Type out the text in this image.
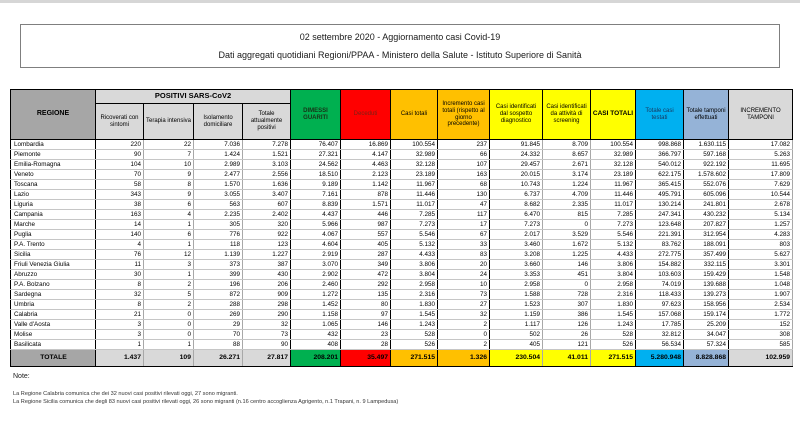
02 settembre 2020 - Aggiornamento casi Covid-19
Dati aggregati quotidiani Regioni/PPAA - Ministero della Salute - Istituto Superiore di Sanità
REGIONE	POSITIVI SARS-CoV2				DIMESSI GUARITI	Deceduti	Casi totali	Incremento casi totali (rispetto al giorno precedente)	Casi identificati dal sospetto diagnostico	Casi identificati da attività di screening	CASI TOTALI	Totale casi testati	Totale tamponi effettuati	INCREMENTO TAMPONI
	Ricoverati con sintomi	Terapia intensiva	Isolamento domiciliare	Totale attualmente positivi										
Lombardia	220	22	7.036	7.278	76.407	16.869	100.554	237	91.845	8.709	100.554	998.868	1.630.115	17.082
Piemonte	90	7	1.424	1.521	27.321	4.147	32.989	66	24.332	8.657	32.989	366.797	597.168	5.263
Emilia-Romagna	104	10	2.989	3.103	24.562	4.463	32.128	107	29.457	2.671	32.128	540.012	922.192	11.695
Veneto	70	9	2.477	2.556	18.510	2.123	23.189	163	20.015	3.174	23.189	622.175	1.578.602	17.809
Toscana	58	8	1.570	1.636	9.189	1.142	11.967	68	10.743	1.224	11.967	365.415	552.076	7.629
Lazio	343	9	3.055	3.407	7.161	878	11.446	130	6.737	4.709	11.446	495.791	605.096	10.544
Liguria	38	6	563	607	8.839	1.571	11.017	47	8.682	2.335	11.017	130.214	241.801	2.678
Campania	163	4	2.235	2.402	4.437	446	7.285	117	6.470	815	7.285	247.341	430.232	5.134
Marche	14	1	305	320	5.966	987	7.273	17	7.273	0	7.273	123.648	207.827	1.257
Puglia	140	6	776	922	4.067	557	5.546	67	2.017	3.529	5.546	221.391	312.954	4.283
P.A. Trento	4	1	118	123	4.604	405	5.132	33	3.460	1.672	5.132	83.762	188.091	803
Sicilia	76	12	1.139	1.227	2.919	287	4.433	83	3.208	1.225	4.433	272.775	357.499	5.627
Friuli Venezia Giulia	11	3	373	387	3.070	349	3.806	20	3.660	146	3.806	154.882	332.115	3.301
Abruzzo	30	1	399	430	2.902	472	3.804	24	3.353	451	3.804	103.603	159.429	1.548
P.A. Bolzano	8	2	196	206	2.460	292	2.958	10	2.958	0	2.958	74.019	139.688	1.048
Sardegna	32	5	872	909	1.272	135	2.316	73	1.588	728	2.316	118.433	139.273	1.907
Umbria	8	2	288	298	1.452	80	1.830	27	1.523	307	1.830	97.623	158.956	2.534
Calabria	21	0	269	290	1.158	97	1.545	32	1.159	386	1.545	157.068	159.174	1.772
Valle d'Aosta	3	0	29	32	1.065	146	1.243	2	1.117	126	1.243	17.785	25.209	152
Molise	3	0	70	73	432	23	528	0	502	26	528	32.812	34.047	308
Basilicata	1	1	88	90	408	28	526	2	405	121	526	56.534	57.324	585
TOTALE	1.437	109	26.271	27.817	208.201	35.497	271.515	1.326	230.504	41.011	271.515	5.280.948	8.828.868	102.959
Note:
La Regione Calabria comunica che dei 32 nuovi casi positivi rilevati oggi, 27 sono migranti.
La Regione Sicilia comunica che degli 83 nuovi casi positivi rilevati oggi, 26 sono migranti (n.16 centro accoglienza Agrigento, n.1 Trapani, n. 9 Lampedusa)
